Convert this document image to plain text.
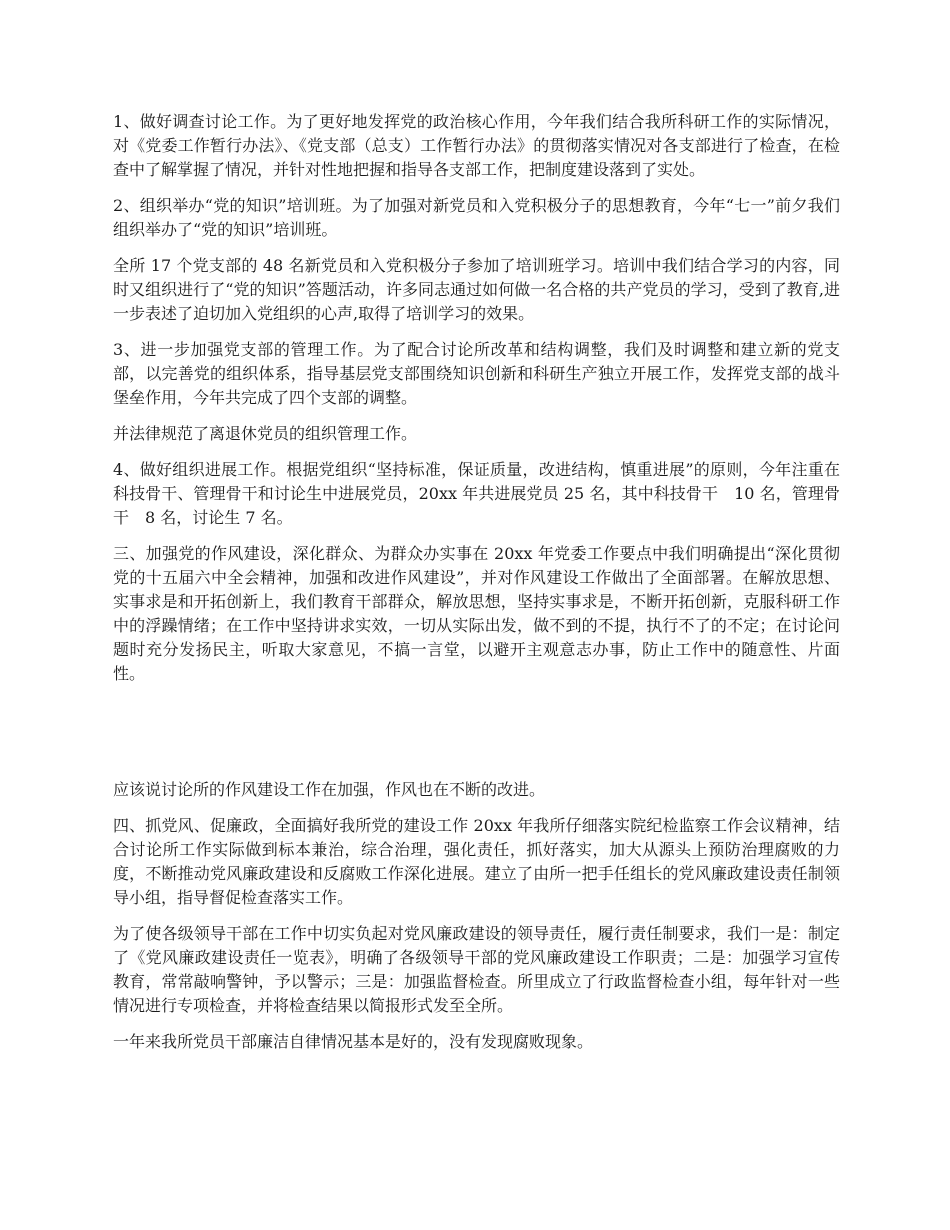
1、做好调查讨论工作。为了更好地发挥党的政治核心作用，今年我们结合我所科研工作的实际情况，对《党委工作暂行办法》、《党支部（总支）工作暂行办法》的贯彻落实情况对各支部进行了检查，在检查中了解掌握了情况，并针对性地把握和指导各支部工作，把制度建设落到了实处。

2、组织举办“党的知识”培训班。为了加强对新党员和入党积极分子的思想教育，今年“七一”前夕我们组织举办了“党的知识”培训班。

全所 17 个党支部的 48 名新党员和入党积极分子参加了培训班学习。培训中我们结合学习的内容，同时又组织进行了“党的知识”答题活动，许多同志通过如何做一名合格的共产党员的学习，受到了教育,进一步表述了迫切加入党组织的心声,取得了培训学习的效果。

3、进一步加强党支部的管理工作。为了配合讨论所改革和结构调整，我们及时调整和建立新的党支部，以完善党的组织体系，指导基层党支部围绕知识创新和科研生产独立开展工作，发挥党支部的战斗堡垒作用，今年共完成了四个支部的调整。

并法律规范了离退休党员的组织管理工作。

4、做好组织进展工作。根据党组织“坚持标准，保证质量，改进结构，慎重进展”的原则，今年注重在科技骨干、管理骨干和讨论生中进展党员，20xx 年共进展党员 25 名，其中科技骨干　10 名，管理骨干　8 名，讨论生 7 名。

三、加强党的作风建设，深化群众、为群众办实事在 20xx 年党委工作要点中我们明确提出“深化贯彻党的十五届六中全会精神，加强和改进作风建设”，并对作风建设工作做出了全面部署。在解放思想、实事求是和开拓创新上，我们教育干部群众，解放思想，坚持实事求是，不断开拓创新，克服科研工作中的浮躁情绪；在工作中坚持讲求实效，一切从实际出发，做不到的不提，执行不了的不定；在讨论问题时充分发扬民主，听取大家意见，不搞一言堂，以避开主观意志办事，防止工作中的随意性、片面性。

应该说讨论所的作风建设工作在加强，作风也在不断的改进。

四、抓党风、促廉政，全面搞好我所党的建设工作 20xx 年我所仔细落实院纪检监察工作会议精神，结合讨论所工作实际做到标本兼治，综合治理，强化责任，抓好落实，加大从源头上预防治理腐败的力度，不断推动党风廉政建设和反腐败工作深化进展。建立了由所一把手任组长的党风廉政建设责任制领导小组，指导督促检查落实工作。

为了使各级领导干部在工作中切实负起对党风廉政建设的领导责任，履行责任制要求，我们一是：制定了《党风廉政建设责任一览表》，明确了各级领导干部的党风廉政建设工作职责；二是：加强学习宣传教育，常常敲响警钟，予以警示；三是：加强监督检查。所里成立了行政监督检查小组，每年针对一些情况进行专项检查，并将检查结果以简报形式发至全所。

一年来我所党员干部廉洁自律情况基本是好的，没有发现腐败现象。
